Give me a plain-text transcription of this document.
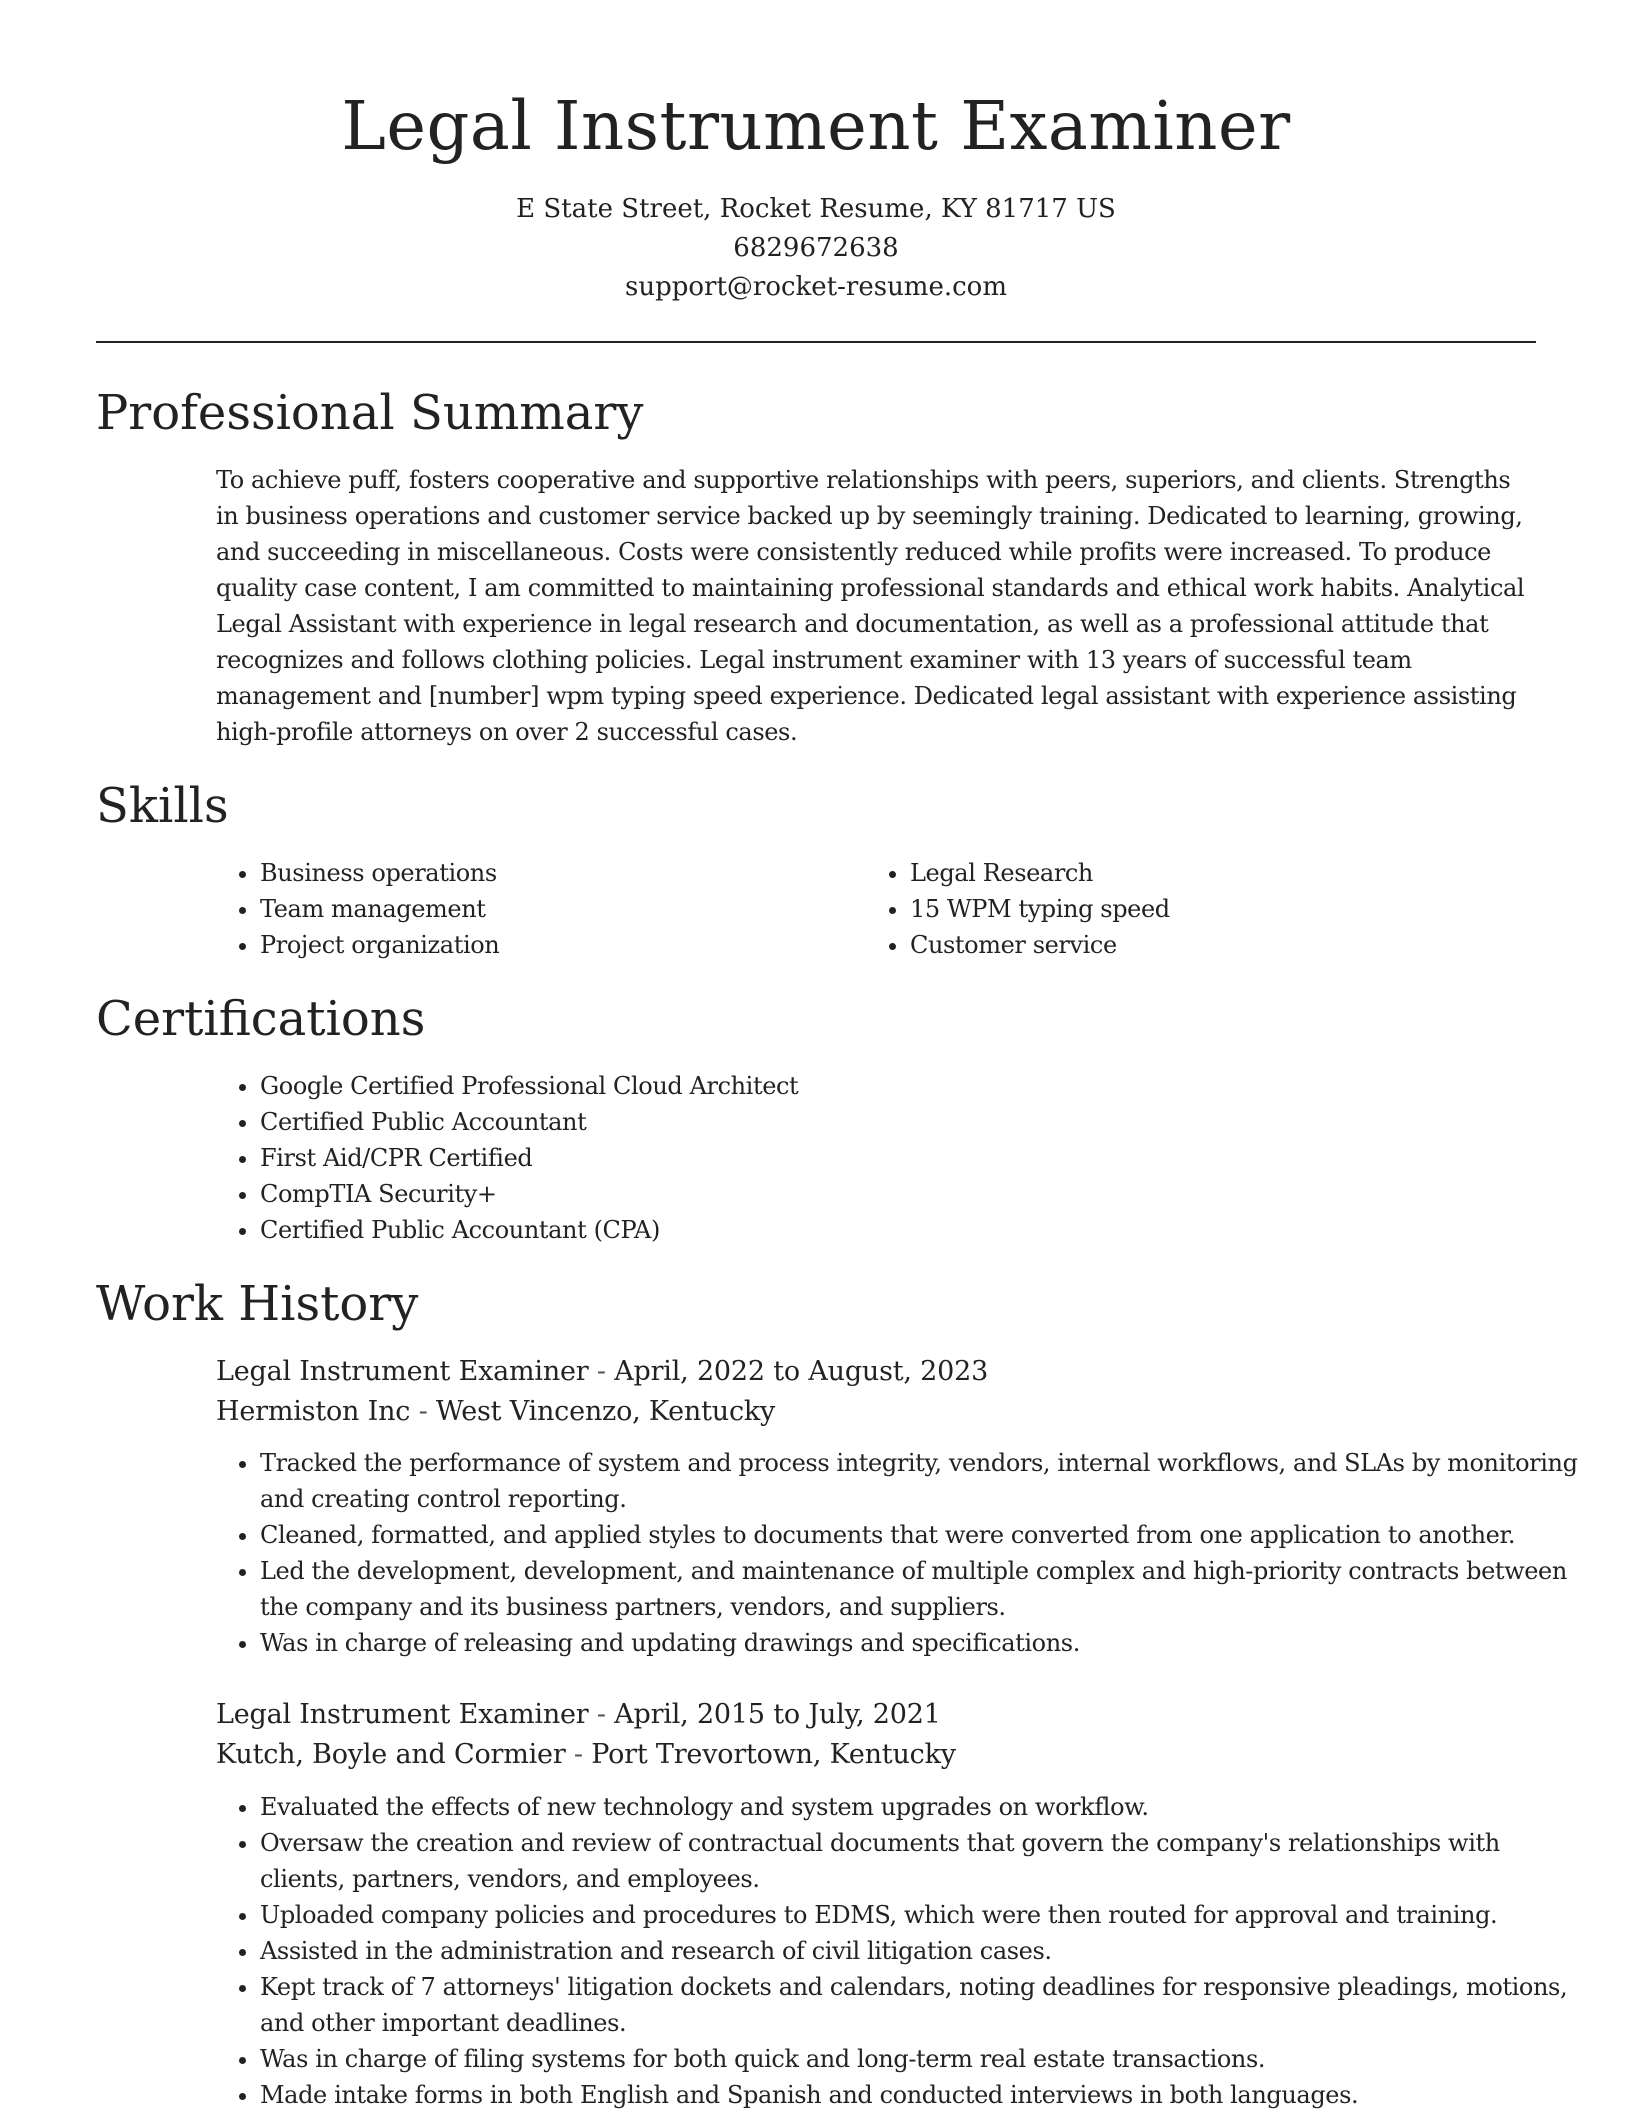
Legal Instrument Examiner
E State Street, Rocket Resume, KY 81717 US
6829672638
support@rocket-resume.com
Professional Summary

To achieve puff, fosters cooperative and supportive relationships with peers, superiors, and clients. Strengths in business operations and customer service backed up by seemingly training. Dedicated to learning, growing, and succeeding in miscellaneous. Costs were consistently reduced while profits were increased. To produce quality case content, I am committed to maintaining professional standards and ethical work habits. Analytical Legal Assistant with experience in legal research and documentation, as well as a professional attitude that recognizes and follows clothing policies. Legal instrument examiner with 13 years of successful team management and [number] wpm typing speed experience. Dedicated legal assistant with experience assisting high-profile attorneys on over 2 successful cases.

Skills
• Business operations
• Team management
• Project organization
• Legal Research
• 15 WPM typing speed
• Customer service
Certifications
• Google Certified Professional Cloud Architect
• Certified Public Accountant
• First Aid/CPR Certified
• CompTIA Security+
• Certified Public Accountant (CPA)
Work History
Legal Instrument Examiner - April, 2022 to August, 2023
Hermiston Inc - West Vincenzo, Kentucky
• Tracked the performance of system and process integrity, vendors, internal workflows, and SLAs by monitoring and creating control reporting.
• Cleaned, formatted, and applied styles to documents that were converted from one application to another.
• Led the development, development, and maintenance of multiple complex and high-priority contracts between the company and its business partners, vendors, and suppliers.
• Was in charge of releasing and updating drawings and specifications.
Legal Instrument Examiner - April, 2015 to July, 2021
Kutch, Boyle and Cormier - Port Trevortown, Kentucky
• Evaluated the effects of new technology and system upgrades on workflow.
• Oversaw the creation and review of contractual documents that govern the company's relationships with clients, partners, vendors, and employees.
• Uploaded company policies and procedures to EDMS, which were then routed for approval and training.
• Assisted in the administration and research of civil litigation cases.
• Kept track of 7 attorneys' litigation dockets and calendars, noting deadlines for responsive pleadings, motions, and other important deadlines.
• Was in charge of filing systems for both quick and long-term real estate transactions.
• Made intake forms in both English and Spanish and conducted interviews in both languages.
